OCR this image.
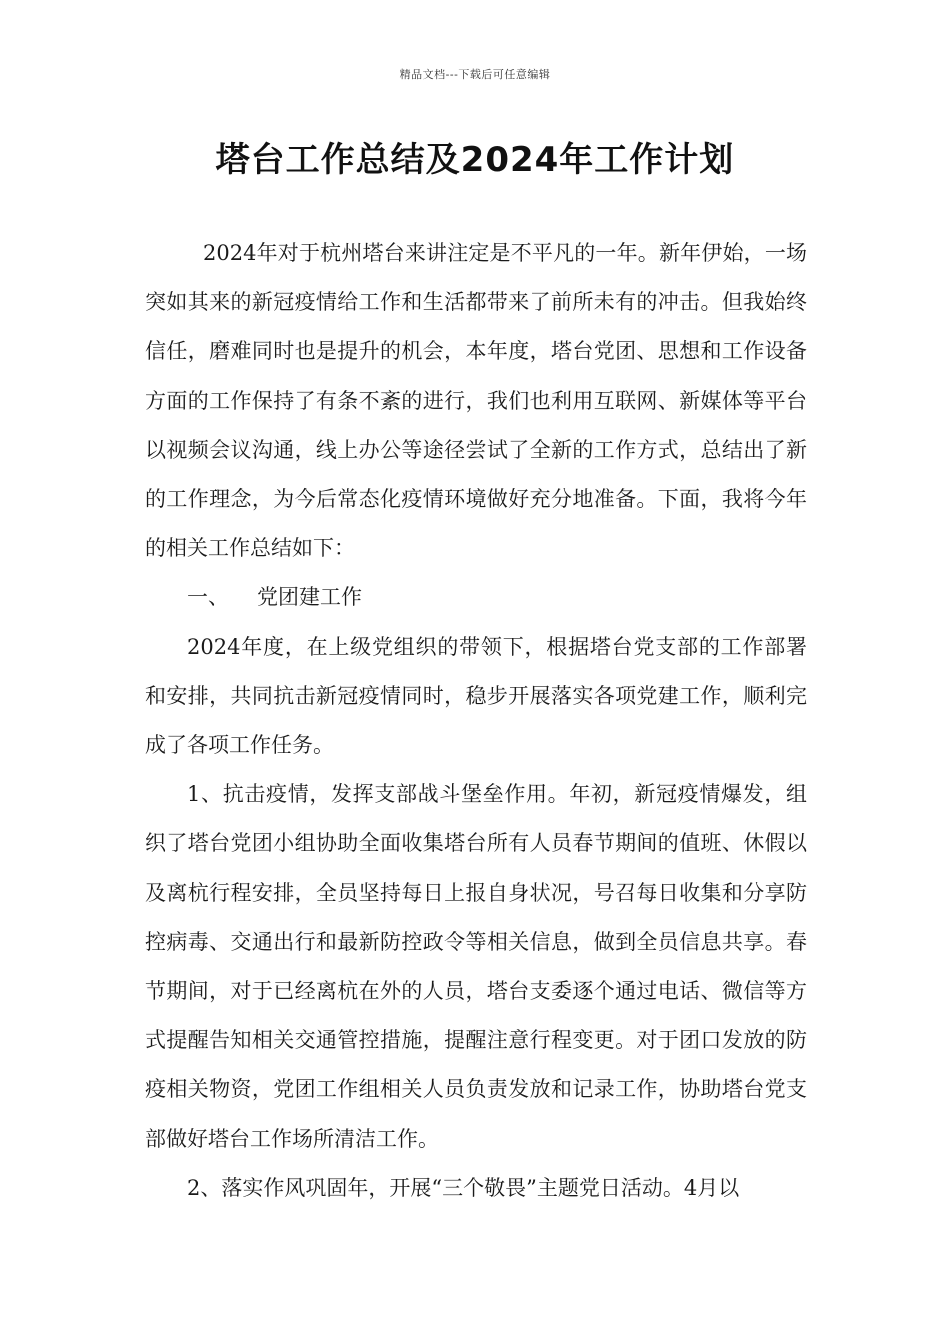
精品文档---下载后可任意编辑
塔台工作总结及2024年工作计划

2024年对于杭州塔台来讲注定是不平凡的一年。新年伊始，一场突如其来的新冠疫情给工作和生活都带来了前所未有的冲击。但我始终信任，磨难同时也是提升的机会，本年度，塔台党团、思想和工作设备方面的工作保持了有条不紊的进行，我们也利用互联网、新媒体等平台以视频会议沟通，线上办公等途径尝试了全新的工作方式，总结出了新的工作理念，为今后常态化疫情环境做好充分地准备。下面，我将今年的相关工作总结如下：

一、 党团建工作

2024年度，在上级党组织的带领下，根据塔台党支部的工作部署和安排，共同抗击新冠疫情同时，稳步开展落实各项党建工作，顺利完成了各项工作任务。

1、抗击疫情，发挥支部战斗堡垒作用。年初，新冠疫情爆发，组织了塔台党团小组协助全面收集塔台所有人员春节期间的值班、休假以及离杭行程安排，全员坚持每日上报自身状况，号召每日收集和分享防控病毒、交通出行和最新防控政令等相关信息，做到全员信息共享。春节期间，对于已经离杭在外的人员，塔台支委逐个通过电话、微信等方式提醒告知相关交通管控措施，提醒注意行程变更。对于团口发放的防疫相关物资，党团工作组相关人员负责发放和记录工作，协助塔台党支部做好塔台工作场所清洁工作。

2、落实作风巩固年，开展“三个敬畏”主题党日活动。4月以
